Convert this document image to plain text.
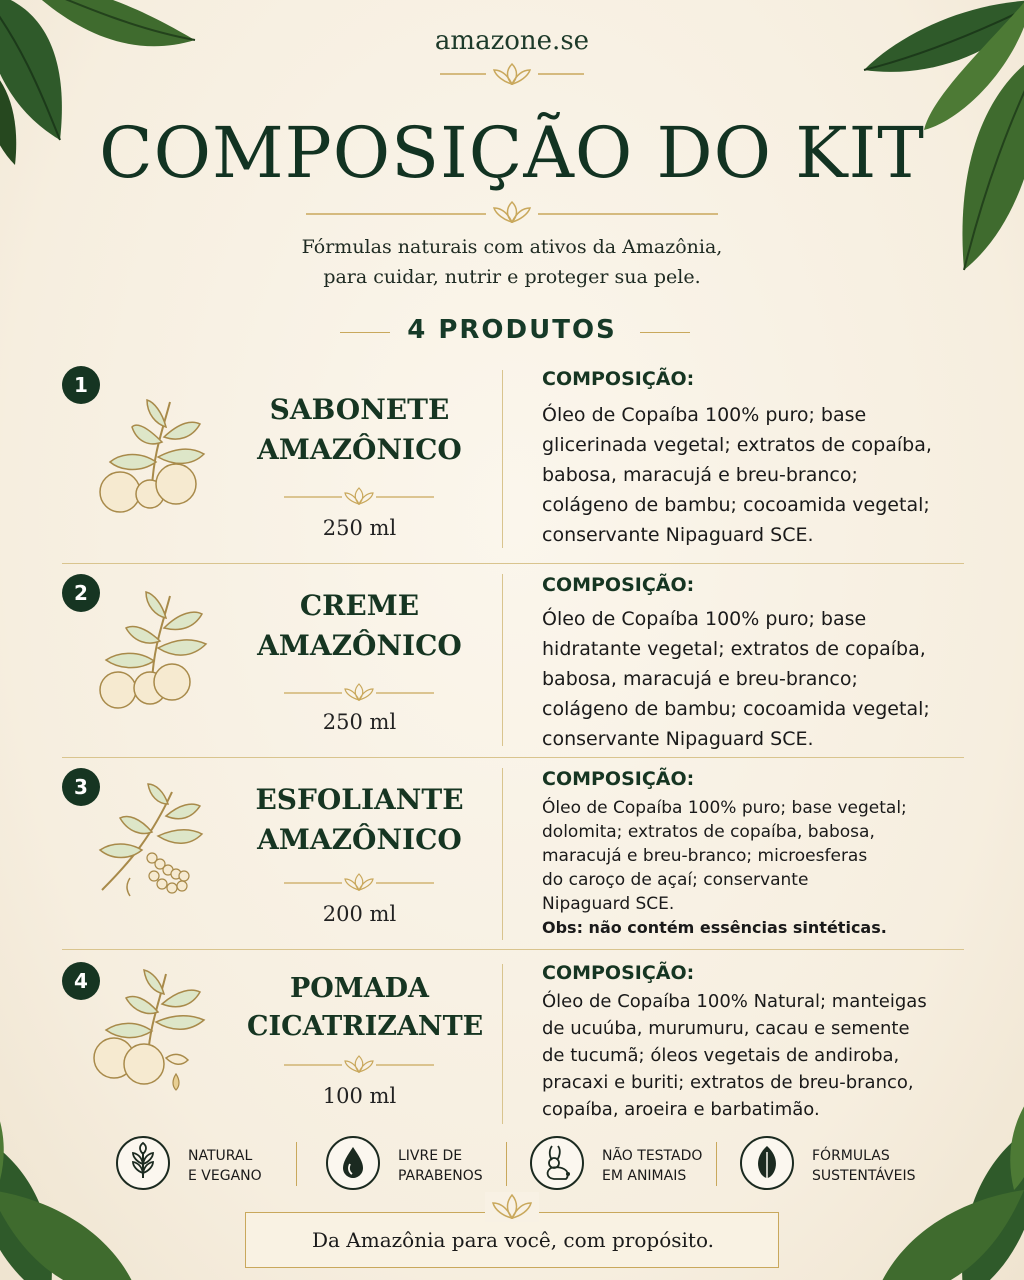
amazone.se
COMPOSIÇÃO DO KIT
Fórmulas naturais com ativos da Amazônia,
para cuidar, nutrir e proteger sua pele.
4 PRODUTOS
1
SABONETE
AMAZÔNICO
250 ml
COMPOSIÇÃO:
Óleo de Copaíba 100% puro; base
glicerinada vegetal; extratos de copaíba,
babosa, maracujá e breu-branco;
colágeno de bambu; cocoamida vegetal;
conservante Nipaguard SCE.
2	CREME
AMAZÔNICO
250 ml
COMPOSIÇÃO:
Óleo de Copaíba 100% puro; base
hidratante vegetal; extratos de copaíba,
babosa, maracujá e breu-branco;
colágeno de bambu; cocoamida vegetal;
conservante Nipaguard SCE.
3	ESFOLIANTE
AMAZÔNICO
200 ml
COMPOSIÇÃO:
Óleo de Copaíba 100% puro; base vegetal;
dolomita; extratos de copaíba, babosa,
maracujá e breu-branco; microesferas
do caroço de açaí; conservante
Nipaguard SCE.
Obs: não contém essências sintéticas.
4	POMADA
CICATRIZANTE
100 ml
COMPOSIÇÃO:
Óleo de Copaíba 100% Natural; manteigas
de ucuúba, murumuru, cacau e semente
de tucumã; óleos vegetais de andiroba,
pracaxi e buriti; extratos de breu-branco,
copaíba, aroeira e barbatimão.
NATURAL
E VEGANO
LIVRE DE
PARABENOS
NÃO TESTADO
EM ANIMAIS
FÓRMULAS
SUSTENTÁVEIS
Da Amazônia para você, com propósito.
